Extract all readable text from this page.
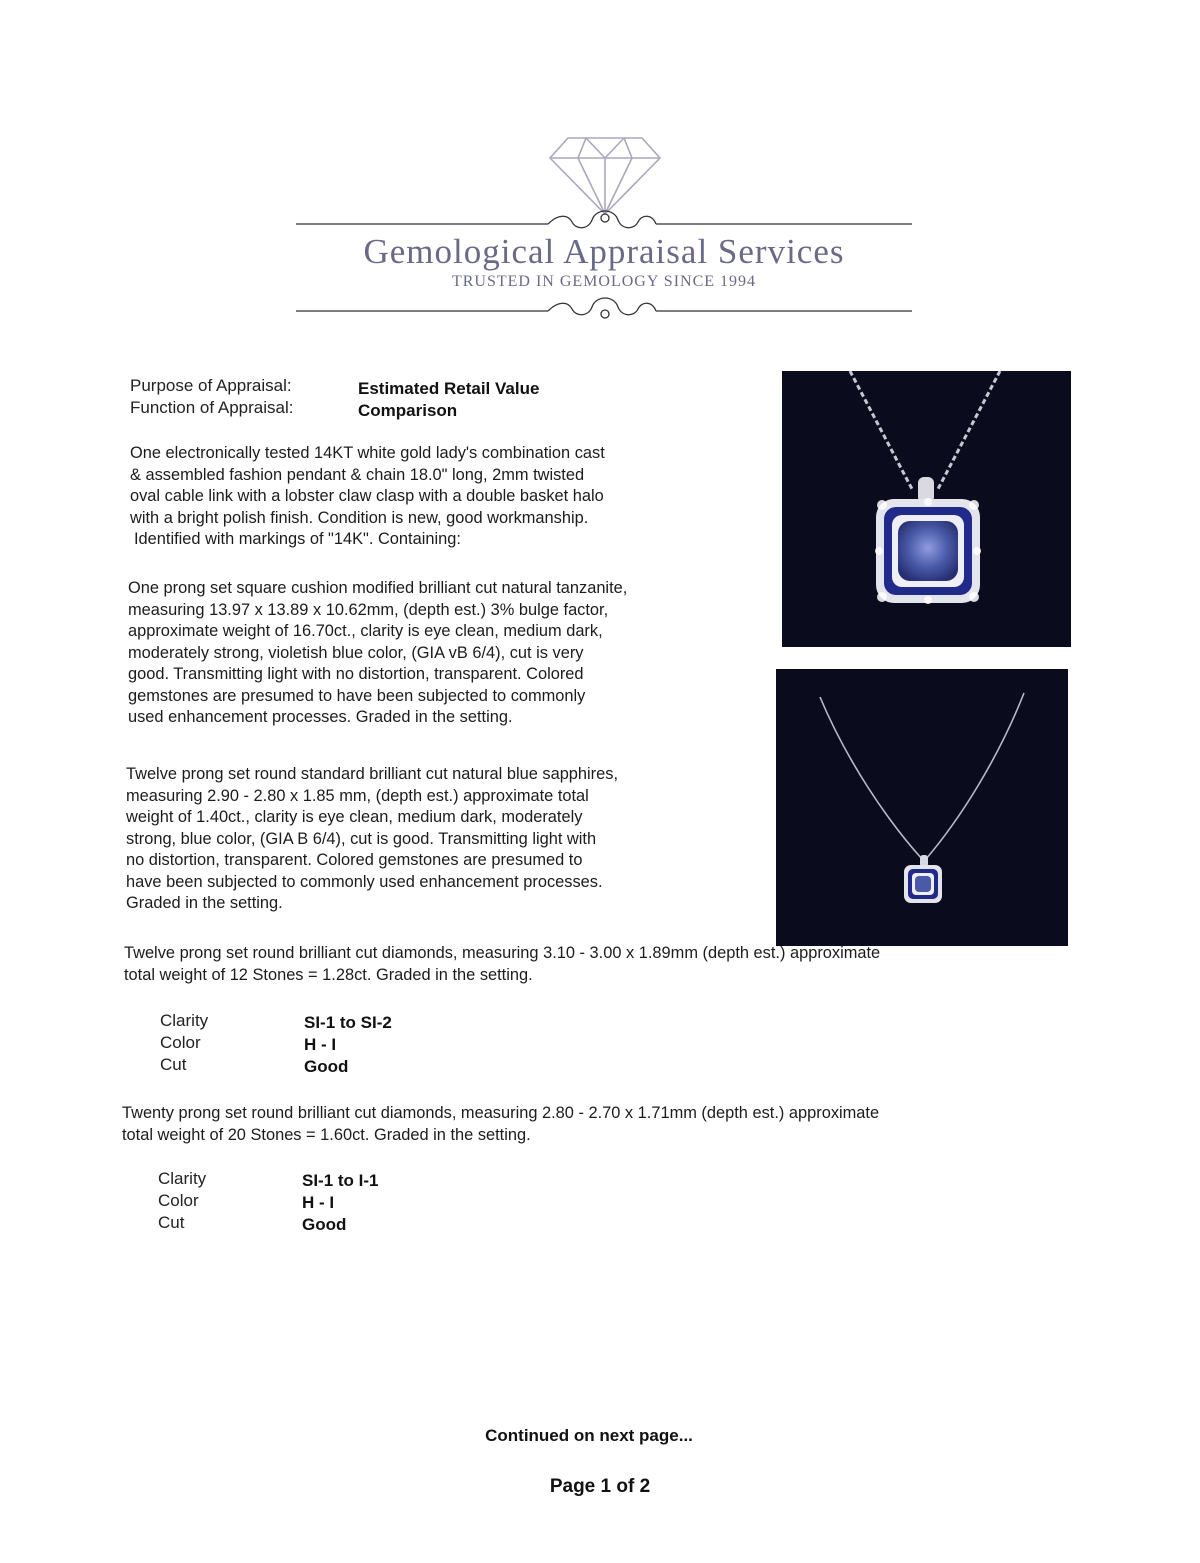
Gemological Appraisal Services
TRUSTED IN GEMOLOGY SINCE 1994
Purpose of Appraisal:	Estimated Retail Value
Function of Appraisal:	Comparison

One electronically tested 14KT white gold lady's combination cast

& assembled fashion pendant & chain 18.0" long, 2mm twisted

oval cable link with a lobster claw clasp with a double basket halo

with a bright polish finish. Condition is new, good workmanship.

Identified with markings of "14K". Containing:

One prong set square cushion modified brilliant cut natural tanzanite,

measuring 13.97 x 13.89 x 10.62mm, (depth est.) 3% bulge factor,

approximate weight of 16.70ct., clarity is eye clean, medium dark,

moderately strong, violetish blue color, (GIA vB 6/4), cut is very

good. Transmitting light with no distortion, transparent. Colored

gemstones are presumed to have been subjected to commonly

used enhancement processes. Graded in the setting.

Twelve prong set round standard brilliant cut natural blue sapphires,

measuring 2.90 - 2.80 x 1.85 mm, (depth est.) approximate total

weight of 1.40ct., clarity is eye clean, medium dark, moderately

strong, blue color, (GIA B 6/4), cut is good. Transmitting light with

no distortion, transparent. Colored gemstones are presumed to

have been subjected to commonly used enhancement processes.

Graded in the setting.

Twelve prong set round brilliant cut diamonds, measuring 3.10 - 3.00 x 1.89mm (depth est.) approximate

total weight of 12 Stones = 1.28ct. Graded in the setting.

Clarity	SI-1 to SI-2
Color	H - I
Cut	Good

Twenty prong set round brilliant cut diamonds, measuring 2.80 - 2.70 x 1.71mm (depth est.) approximate

total weight of 20 Stones = 1.60ct. Graded in the setting.

Clarity	SI-1 to I-1
Color	H - I
Cut	Good
Continued on next page...
Page 1 of 2
